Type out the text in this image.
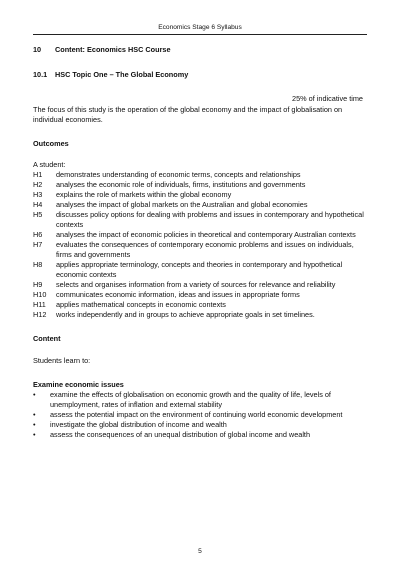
Economics Stage 6 Syllabus
10	Content: Economics HSC Course
10.1	HSC Topic One – The Global Economy
25% of indicative time
The focus of this study is the operation of the global economy and the impact of globalisation on individual economies.
Outcomes
A student:
H1	demonstrates understanding of economic terms, concepts and relationships
H2	analyses the economic role of individuals, firms, institutions and governments
H3	explains the role of markets within the global economy
H4	analyses the impact of global markets on the Australian and global economies
H5	discusses policy options for dealing with problems and issues in contemporary and hypothetical contexts
H6	analyses the impact of economic policies in theoretical and contemporary Australian contexts
H7	evaluates the consequences of contemporary economic problems and issues on individuals, firms and governments
H8	applies appropriate terminology, concepts and theories in contemporary and hypothetical economic contexts
H9	selects and organises information from a variety of sources for relevance and reliability
H10	communicates economic information, ideas and issues in appropriate forms
H11	applies mathematical concepts in economic contexts
H12	works independently and in groups to achieve appropriate goals in set timelines.
Content
Students learn to:
Examine economic issues
•	examine the effects of globalisation on economic growth and the quality of life, levels of unemployment, rates of inflation and external stability
•	assess the potential impact on the environment of continuing world economic development
•	investigate the global distribution of income and wealth
•	assess the consequences of an unequal distribution of global income and wealth
5
